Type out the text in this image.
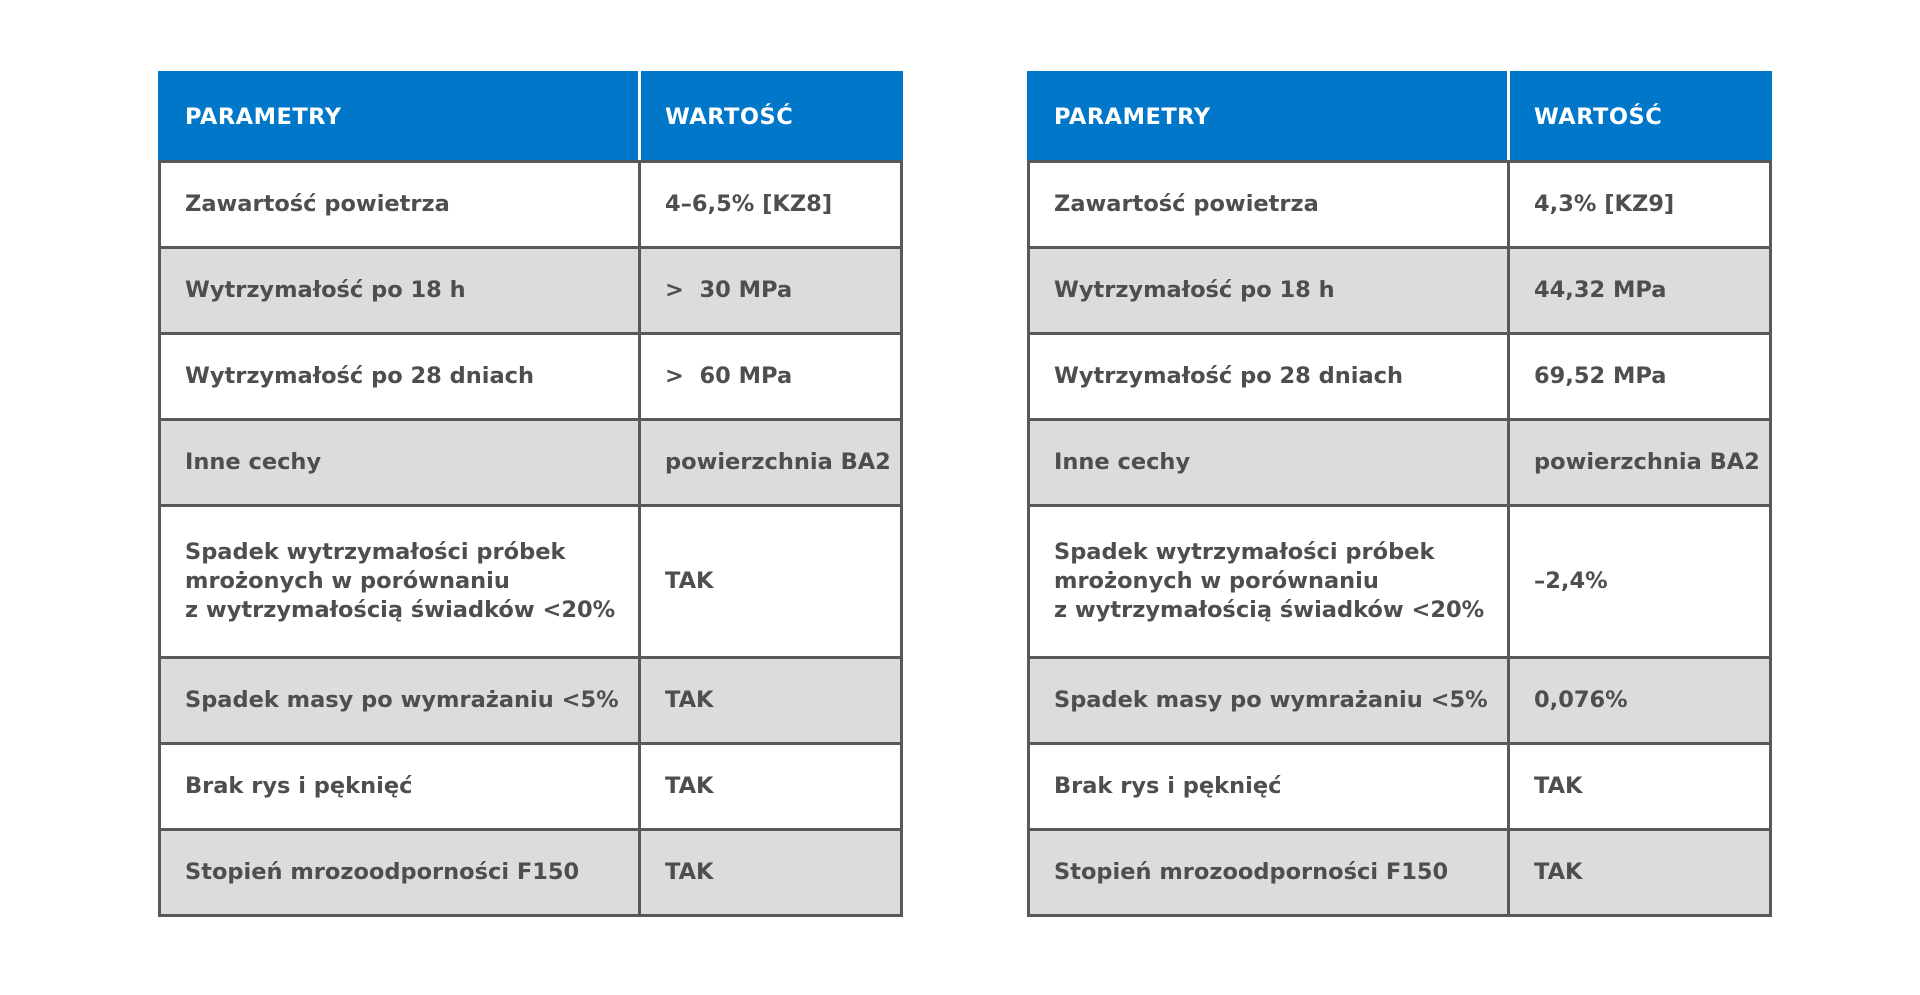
PARAMETRY	WARTOŚĆ
Zawartość powietrza	4–6,5% [KZ8]
Wytrzymałość po 18 h	>  30 MPa
Wytrzymałość po 28 dniach	>  60 MPa
Inne cechy	powierzchnia BA2
Spadek wytrzymałości próbek
mrożonych w porównaniu
z wytrzymałością świadków <20%	TAK
Spadek masy po wymrażaniu <5%	TAK
Brak rys i pęknięć	TAK
Stopień mrozoodporności F150	TAK
PARAMETRY	WARTOŚĆ
Zawartość powietrza	4,3% [KZ9]
Wytrzymałość po 18 h	44,32 MPa
Wytrzymałość po 28 dniach	69,52 MPa
Inne cechy	powierzchnia BA2
Spadek wytrzymałości próbek
mrożonych w porównaniu
z wytrzymałością świadków <20%	–2,4%
Spadek masy po wymrażaniu <5%	0,076%
Brak rys i pęknięć	TAK
Stopień mrozoodporności F150	TAK
